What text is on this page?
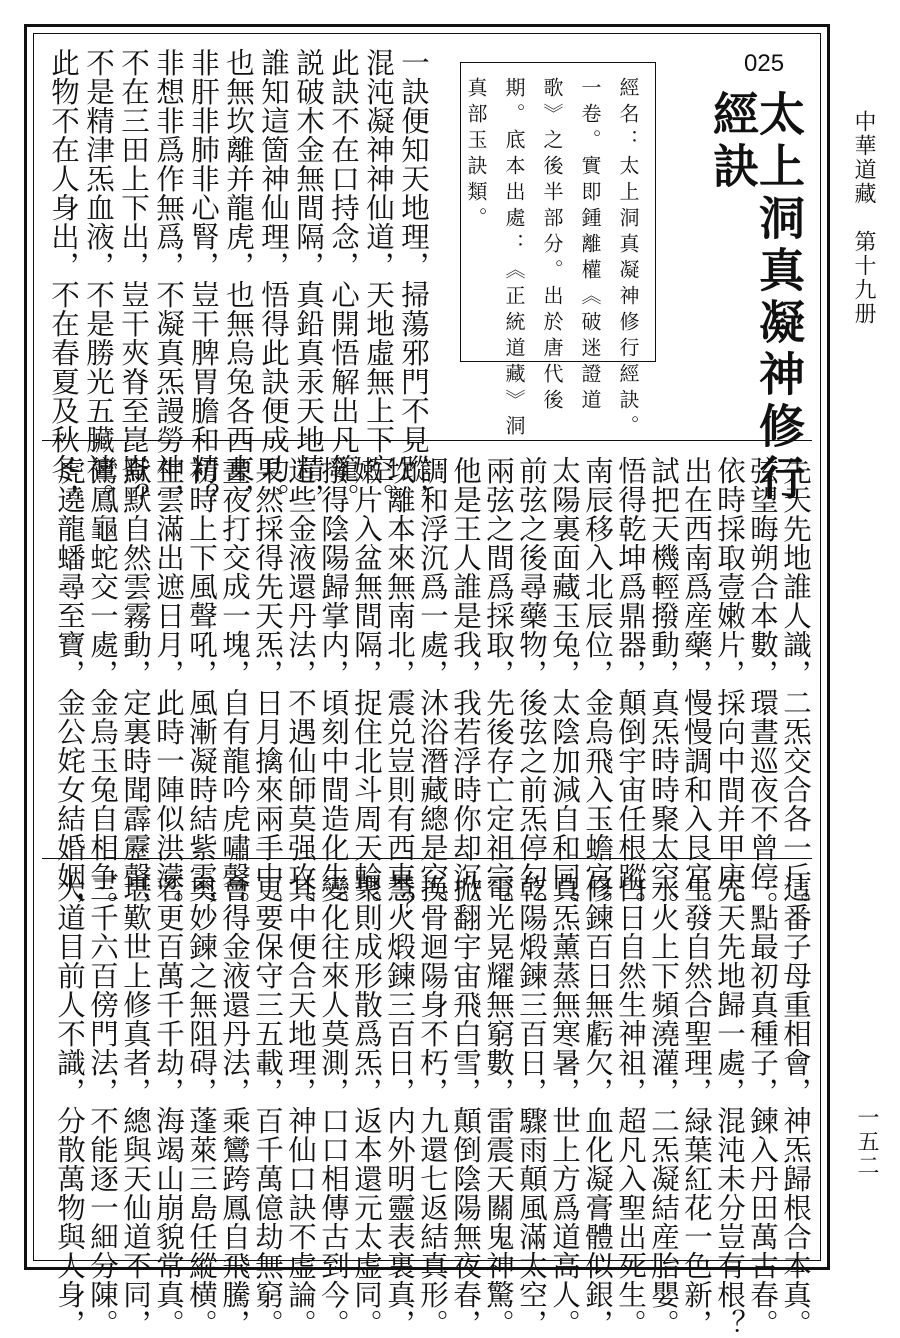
中華道藏　第十九册
一五二
025
太上洞真凝神修行
經訣
經名：太上洞真凝神修行經訣。
一卷。實即鍾離權《破迷證道
歌》之後半部分。出於唐代後
期。底本出處：《正統道藏》洞
真部玉訣類。
一訣便知天地理，掃蕩邪門不見蹤，
混沌凝神神仙道，天地虛無上下空。
此訣不在口持念，心開悟解出凡籠。
説破木金無間隔，真鉛真汞天地精，
誰知這箇神仙理，悟得此訣便成功。
也無坎離并龍虎，也無烏兔各西東，
非肝非肺非心腎，豈干脾胃膽和精？
非想非爲作無爲，不凝真炁謾勞神，
不在三田上下出，豈干夾脊至崑崙？
不是精津炁血液，不是勝光五臟神。
此物不在人身出，不在春夏及秋冬，
先天先地誰人識，二炁交合各一斤。
弦望晦朔合本數，環晝巡夜不曾停。
依時採取壹嫩片，採向中間并甲庚。
出在西南爲産藥，慢慢調和入艮宮。
試把天機輕撥動，真炁時時聚太空。
悟得乾坤爲鼎器，顛倒宇宙任根蹤。
南辰移入北辰位，金烏飛入玉蟾宫。
太陽裏面藏玉兔，太陰加減自和同。
前弦之後尋藥物，後弦之前炁停勾。
兩弦之間爲採取，先後存亡定祖宗。
他是王人誰是我，我若浮時你却沉。
調和浮沉爲一處，沐浴潛藏總是空。
坎離本來無南北，震兑豈則有西東？
嫩片入盆無間隔，捉住北斗周天輪。
撥得陰陽歸掌内，頃刻中間造化生。
這些金液還丹法，不遇仙師莫强攻。
果然採得先天炁，日月擒來兩手中。
晝夜打交成一塊，自有龍吟虎嘯聲。
初時上下風聲吼，風漸凝時結紫雲，
生雲滿出遮日月，此時一陣似洪濛。
默默自然雲霧動，定裏時聞霹靂聲，
鸞鳳龜蛇交一處，金烏玉兔自相争。
虎遶龍蟠尋至寶，金公姹女結婚姻，
這番子母重相會，神炁歸根合本真。
一點最初真種子，鍊入丹田萬古春。
先天先地歸一處，混沌未分豈有根？
生發自然合聖理，緑葉紅花一色新，
水火上下頻澆灌，二炁凝結産胎嬰。
白日自然生神祖，超凡入聖出死生。
修鍊百日無虧欠，血化凝膏體似銀，
真炁薰蒸無寒暑，世上方爲道高人。
乾陽煅鍊三百日，驟雨顛風滿太空，
電光晃耀無窮數，雷震天關鬼神驚。
掀翻宇宙飛白雪，顛倒陰陽無夜春，
换骨迴陽身不朽，九還七返結真形。
慧火煅鍊三百日，内外明靈表裏真，
聚則成形散爲炁，返本還元太虚同。
變化往來人莫測，口口相傳古到今。
其中便合天地理，神仙口訣不虚論。
更要保守三五載，百千萬億劫無窮。
會得金液還丹法，乘鸞跨鳳自飛騰，
奥妙鍊之無阻碍，蓬萊三島任縱横。
若更百萬千千劫，海竭山崩貌常真。
堪歎世上修真者，總與天仙道不同，
三千六百傍門法，不能逐一細分陳。
大道目前人不識，分散萬物與人身，
